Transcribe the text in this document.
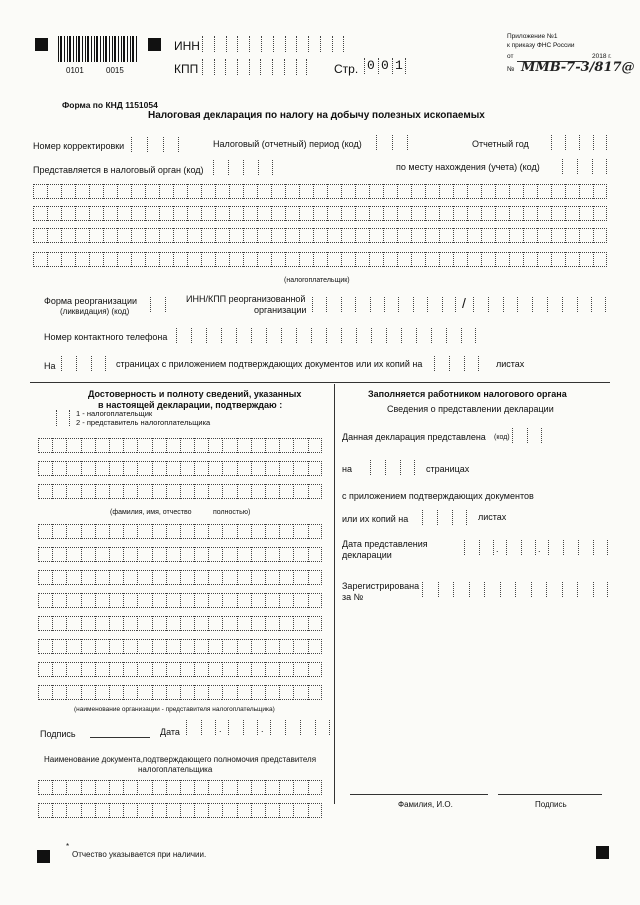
0101	0015
ИНН
КПП	Стр. 0 0 1
Приложение №1
к приказу ФНС России
от	2018 г.
№ ММВ-7-3/817@
Форма по КНД 1151054
Налоговая декларация по налогу на добычу полезных ископаемых
Номер корректировки	Налоговый (отчетный) период (код)	Отчетный год
Представляется в налоговый орган (код)	по месту нахождения (учета) (код)
(налогоплательщик)
Форма реорганизации
(ликвидация) (код)
ИНН/КПП реорганизованной
организации	/
Номер контактного телефона
На	страницах с приложением подтверждающих документов или их копий на	листах
Достоверность и полноту сведений, указанных
в настоящей декларации, подтверждаю :
1 - налогоплательщик
2 - представитель налогоплательщика
(фамилия, имя, отчество	полностью)
(наименование организации - представителя налогоплательщика)
Подпись	Дата	.	.
Наименование документа,подтверждающего полномочия представителя
налогоплательщика
Заполняется работником налогового органа
Сведения о представлении декларации
Данная декларация представлена (код)
на	страницах
с приложением подтверждающих документов
или их копий на	листах
Дата представления
декларации
.	.
Зарегистрирована
за №
Фамилия, И.О.	Подпись
*
Отчество указывается при наличии.
